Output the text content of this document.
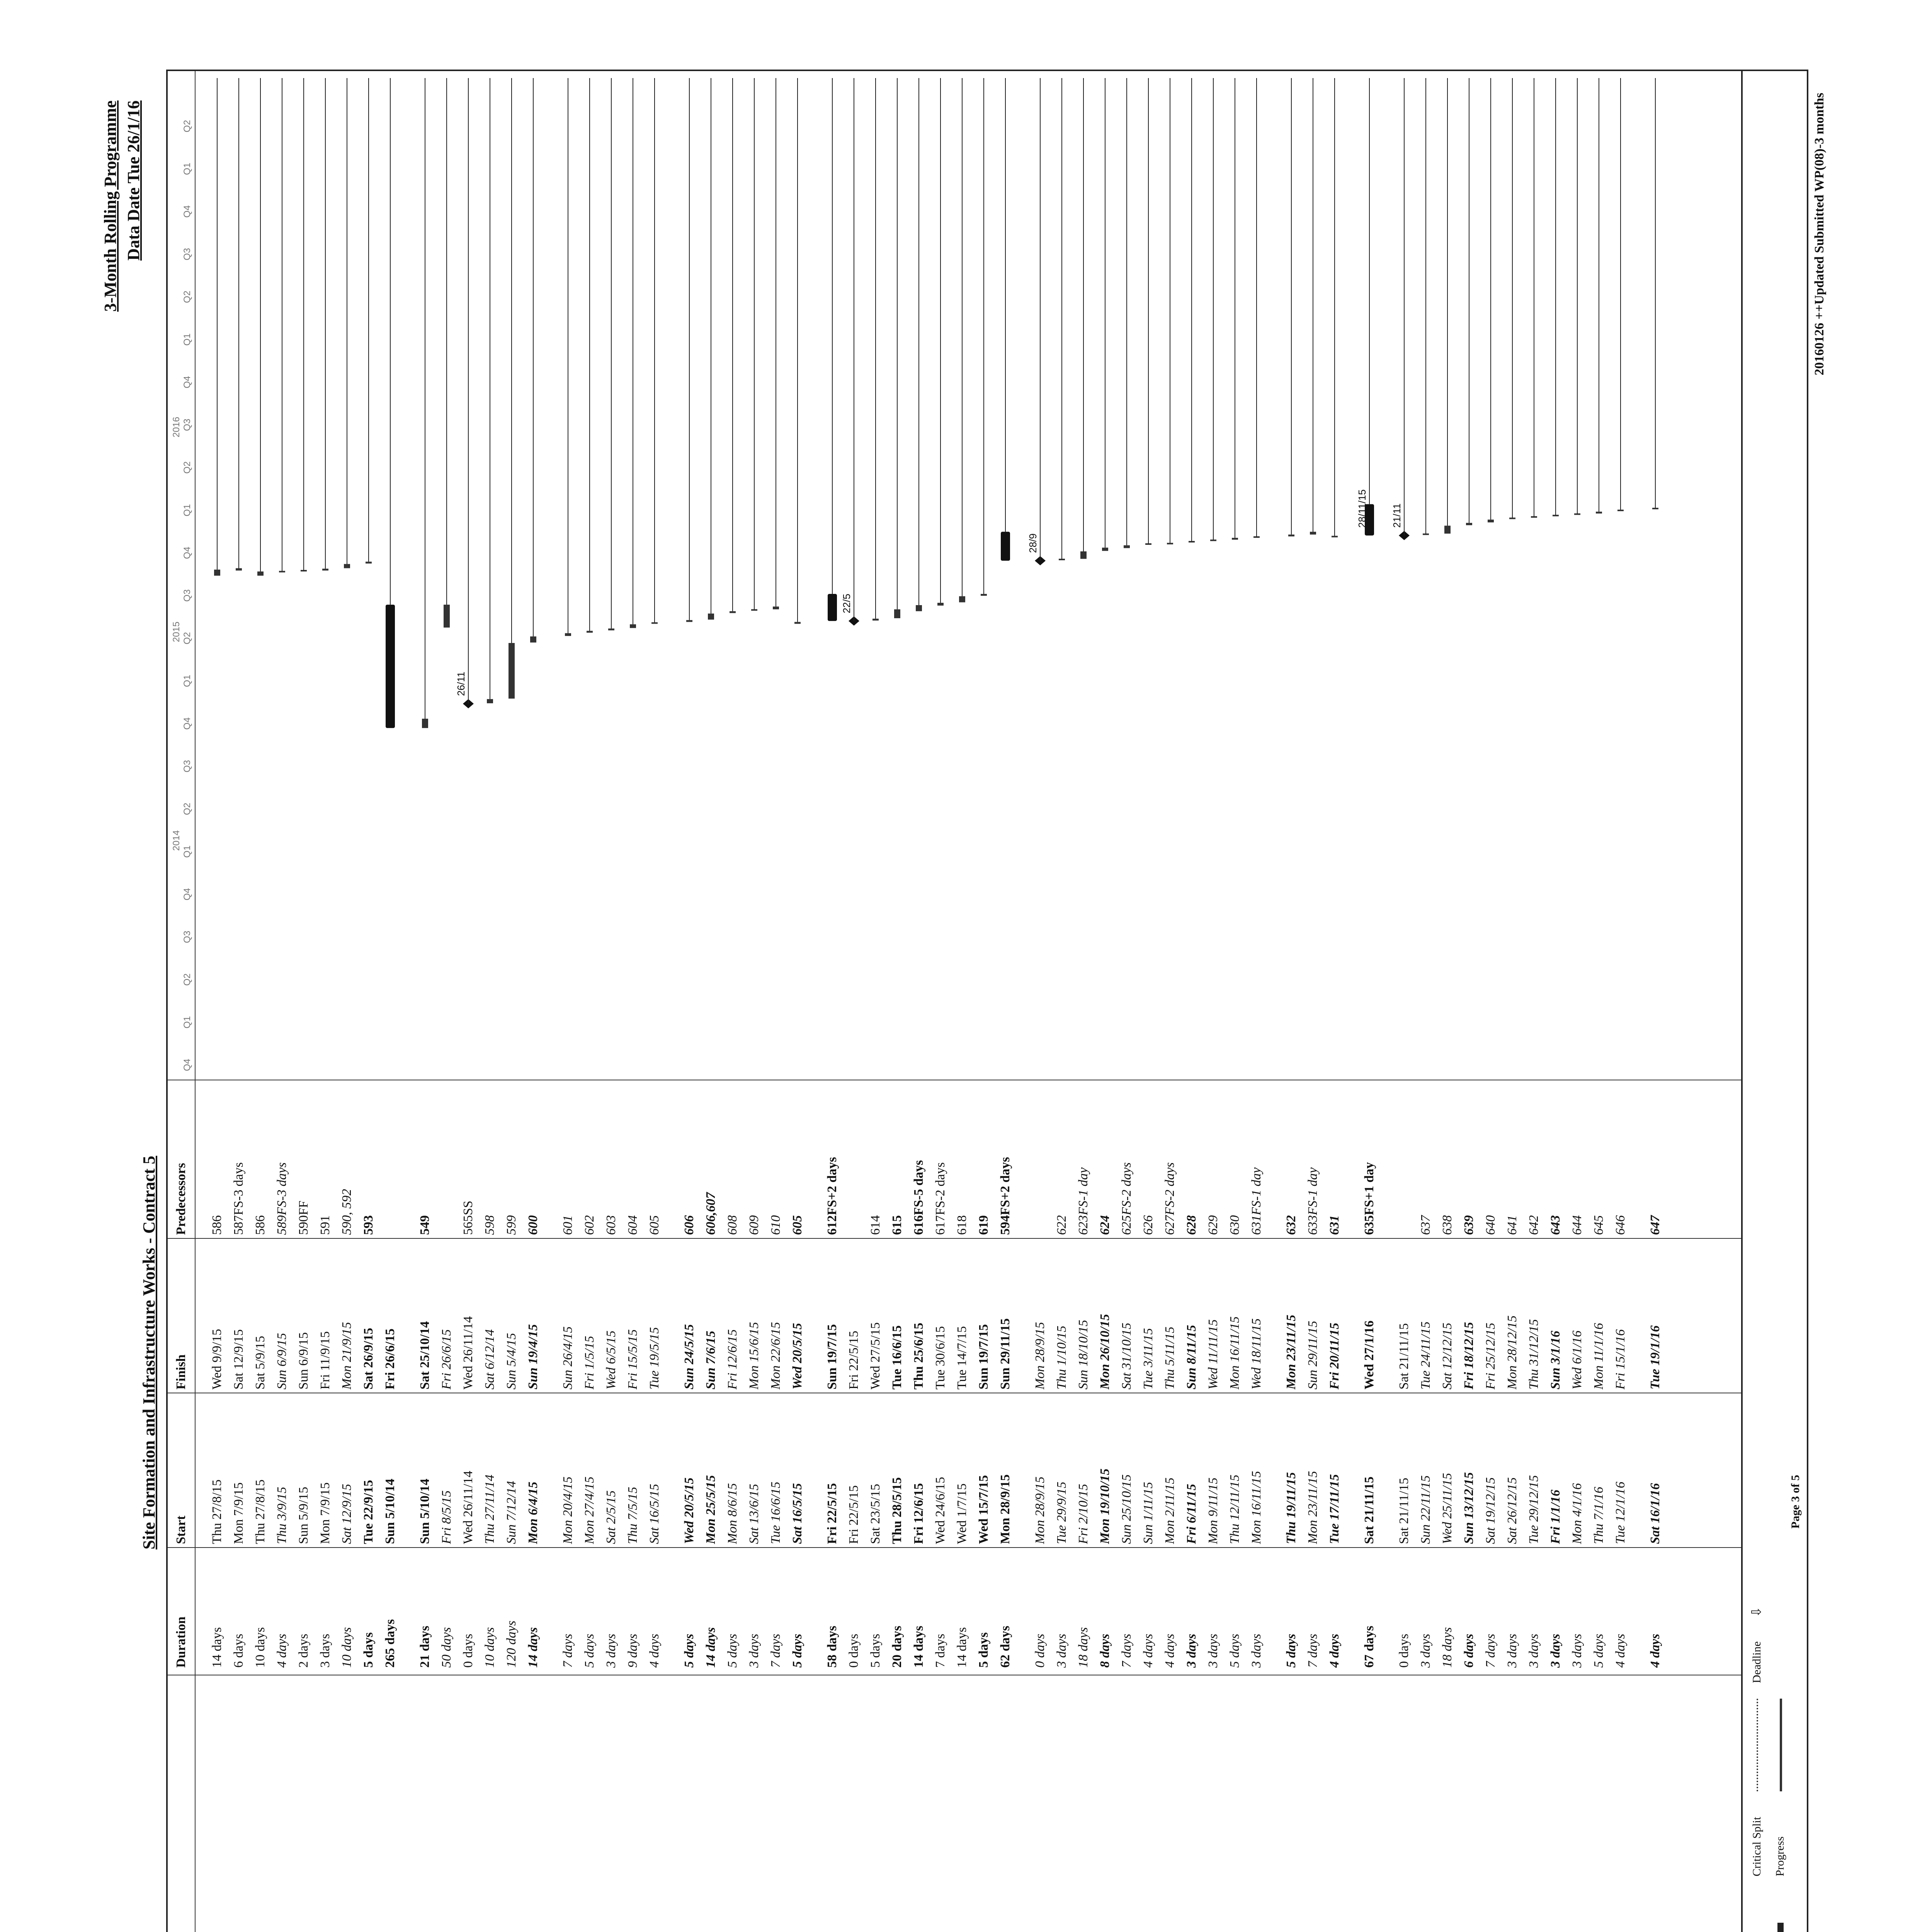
Site Formation and Infrastructure Works - Contract 5
3-Month Rolling Programme Data Date Tue 26/1/16
Duration
Start
Finish
Predecessors
14 days
Thu 27/8/15
Wed 9/9/15
586
6 days
Mon 7/9/15
Sat 12/9/15
587FS-3 days
10 days
Thu 27/8/15
Sat 5/9/15
586
4 days
Thu 3/9/15
Sun 6/9/15
589FS-3 days
2 days
Sun 5/9/15
Sun 6/9/15
590FF
3 days
Mon 7/9/15
Fri 11/9/15
591
10 days
Sat 12/9/15
Mon 21/9/15
590, 592
5 days
Tue 22/9/15
Sat 26/9/15
593
265 days
Sun 5/10/14
Fri 26/6/15
21 days
Sun 5/10/14
Sat 25/10/14
549
50 days
Fri 8/5/15
Fri 26/6/15
0 days
Wed 26/11/14
Wed 26/11/14
565SS
10 days
Thu 27/11/14
Sat 6/12/14
598
120 days
Sun 7/12/14
Sun 5/4/15
599
14 days
Mon 6/4/15
Sun 19/4/15
600
7 days
Mon 20/4/15
Sun 26/4/15
601
5 days
Mon 27/4/15
Fri 1/5/15
602
3 days
Sat 2/5/15
Wed 6/5/15
603
9 days
Thu 7/5/15
Fri 15/5/15
604
4 days
Sat 16/5/15
Tue 19/5/15
605
5 days
Wed 20/5/15
Sun 24/5/15
606
14 days
Mon 25/5/15
Sun 7/6/15
606,607
5 days
Mon 8/6/15
Fri 12/6/15
608
3 days
Sat 13/6/15
Mon 15/6/15
609
7 days
Tue 16/6/15
Mon 22/6/15
610
5 days
Sat 16/5/15
Wed 20/5/15
605
58 days
Fri 22/5/15
Sun 19/7/15
612FS+2 days
0 days
Fri 22/5/15
Fri 22/5/15
5 days
Sat 23/5/15
Wed 27/5/15
614
20 days
Thu 28/5/15
Tue 16/6/15
615
14 days
Fri 12/6/15
Thu 25/6/15
616FS-5 days
7 days
Wed 24/6/15
Tue 30/6/15
617FS-2 days
14 days
Wed 1/7/15
Tue 14/7/15
618
5 days
Wed 15/7/15
Sun 19/7/15
619
62 days
Mon 28/9/15
Sun 29/11/15
594FS+2 days
0 days
Mon 28/9/15
Mon 28/9/15
3 days
Tue 29/9/15
Thu 1/10/15
622
18 days
Fri 2/10/15
Sun 18/10/15
623FS-1 day
8 days
Mon 19/10/15
Mon 26/10/15
624
7 days
Sun 25/10/15
Sat 31/10/15
625FS-2 days
4 days
Sun 1/11/15
Tue 3/11/15
626
4 days
Mon 2/11/15
Thu 5/11/15
627FS-2 days
3 days
Fri 6/11/15
Sun 8/11/15
628
3 days
Mon 9/11/15
Wed 11/11/15
629
5 days
Thu 12/11/15
Mon 16/11/15
630
3 days
Mon 16/11/15
Wed 18/11/15
631FS-1 day
5 days
Thu 19/11/15
Mon 23/11/15
632
7 days
Mon 23/11/15
Sun 29/11/15
633FS-1 day
4 days
Tue 17/11/15
Fri 20/11/15
631
67 days
Sat 21/11/15
Wed 27/1/16
635FS+1 day
0 days
Sat 21/11/15
Sat 21/11/15
3 days
Sun 22/11/15
Tue 24/11/15
637
18 days
Wed 25/11/15
Sat 12/12/15
638
6 days
Sun 13/12/15
Fri 18/12/15
639
7 days
Sat 19/12/15
Fri 25/12/15
640
3 days
Sat 26/12/15
Mon 28/12/15
641
3 days
Tue 29/12/15
Thu 31/12/15
642
3 days
Fri 1/1/16
Sun 3/1/16
643
3 days
Mon 4/1/16
Wed 6/1/16
644
5 days
Thu 7/1/16
Mon 11/1/16
645
4 days
Tue 12/1/16
Fri 15/1/16
646
4 days
Sat 16/1/16
Tue 19/1/16
647
Q4
Q1
Q2
Q3
Q4
Q1
Q2
Q3
Q4
Q1
Q2
Q3
Q4
Q1
Q2
Q3
Q4
Q1
Q2
Q3
Q4
Q1
Q2
2014
2015
2016
26/11
22/5
28/9
21/11
28/11/15
Critical Split Progress
Deadline
⇩
Page 3 of 5
20160126 ++Updated Submitted WP(08)-3 months
